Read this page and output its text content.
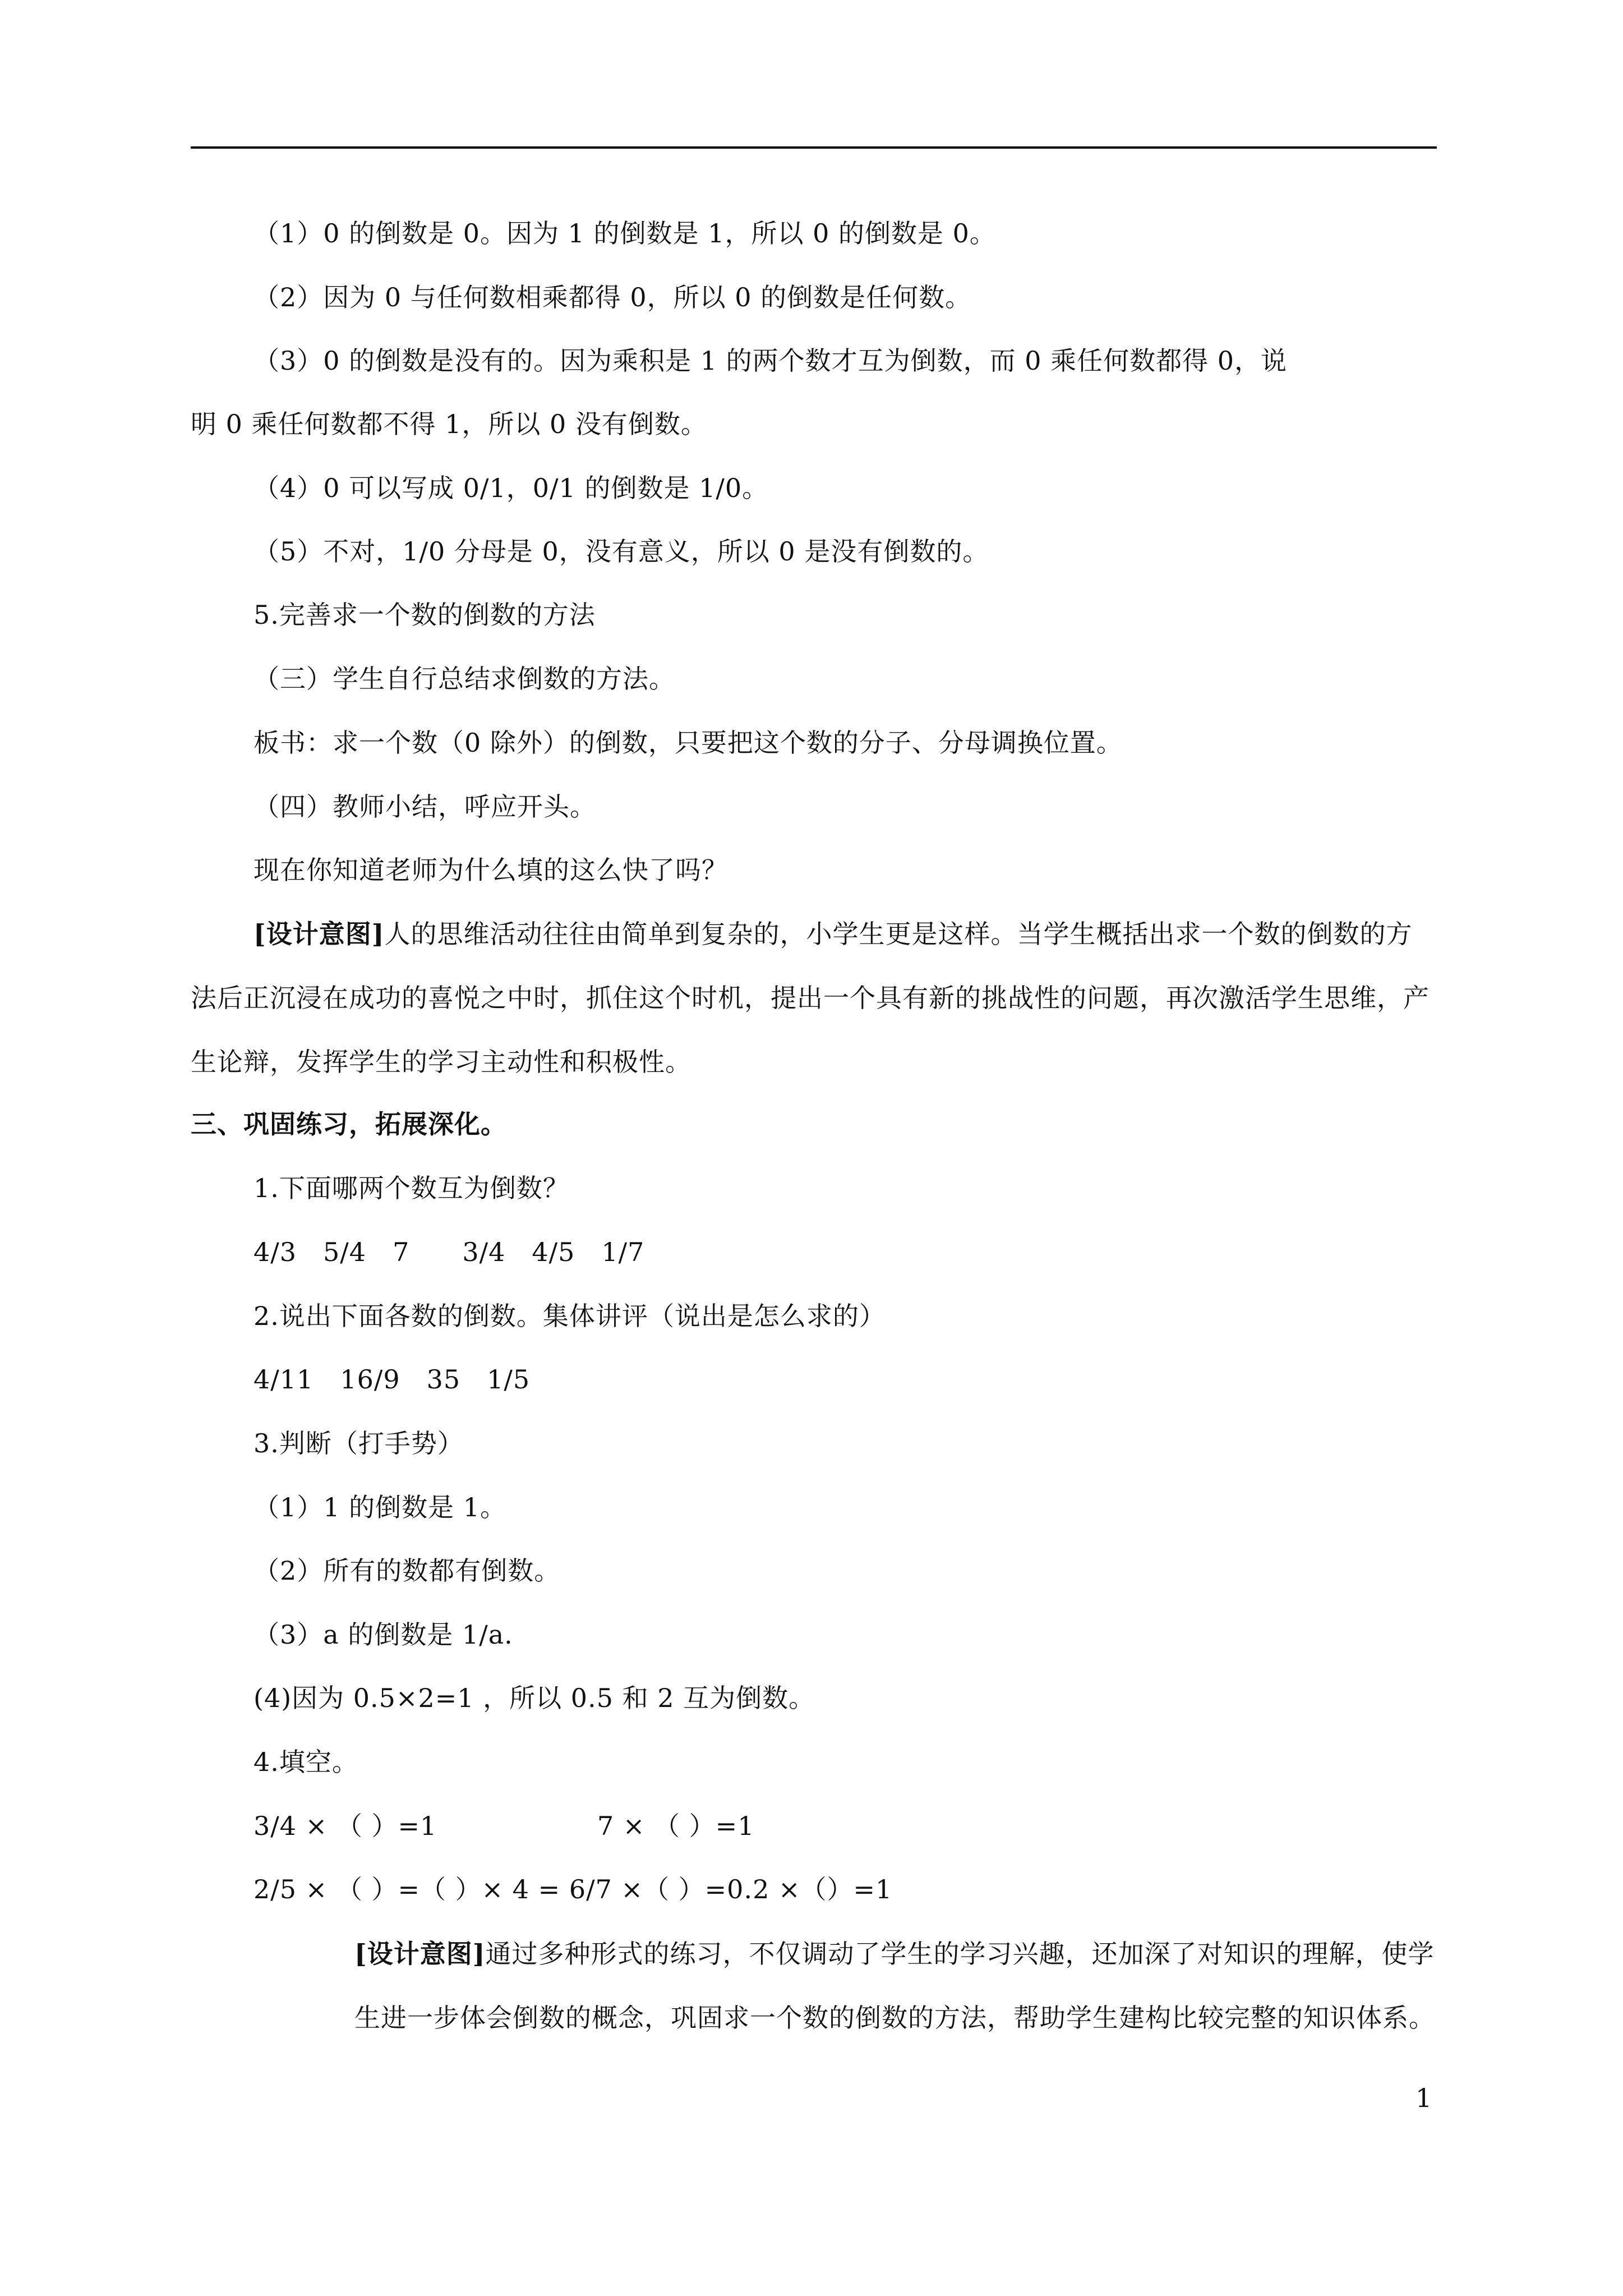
（1）0 的倒数是 0。因为 1 的倒数是 1，所以 0 的倒数是 0。
（2）因为 0 与任何数相乘都得 0，所以 0 的倒数是任何数。
（3）0 的倒数是没有的。因为乘积是 1 的两个数才互为倒数，而 0 乘任何数都得 0，说
明 0 乘任何数都不得 1，所以 0 没有倒数。
（4）0 可以写成 0/1，0/1 的倒数是 1/0。
（5）不对，1/0 分母是 0，没有意义，所以 0 是没有倒数的。
5.完善求一个数的倒数的方法
（三）学生自行总结求倒数的方法。
板书：求一个数（0 除外）的倒数，只要把这个数的分子、分母调换位置。
（四）教师小结，呼应开头。
现在你知道老师为什么填的这么快了吗？
[设计意图]人的思维活动往往由简单到复杂的，小学生更是这样。当学生概括出求一个数的倒数的方法后正沉浸在成功的喜悦之中时，抓住这个时机，提出一个具有新的挑战性的问题，再次激活学生思维，产生论辩，发挥学生的学习主动性和积极性。
三、巩固练习，拓展深化。
1.下面哪两个数互为倒数？
4/3　5/4　7　　3/4　4/5　1/7
2.说出下面各数的倒数。集体讲评（说出是怎么求的）
4/11　16/9　35　1/5
3.判断（打手势）
（1）1 的倒数是 1。
（2）所有的数都有倒数。
（3）a 的倒数是 1/a.
(4)因为 0.5×2=1 ，所以 0.5 和 2 互为倒数。
4.填空。
3/4 × （ ）=1	7 × （ ）=1
2/5 × （ ）=（ ）× 4 = 6/7 ×（ ）=0.2 ×（）=1
[设计意图]通过多种形式的练习，不仅调动了学生的学习兴趣，还加深了对知识的理解，使学生进一步体会倒数的概念，巩固求一个数的倒数的方法，帮助学生建构比较完整的知识体系。
1
